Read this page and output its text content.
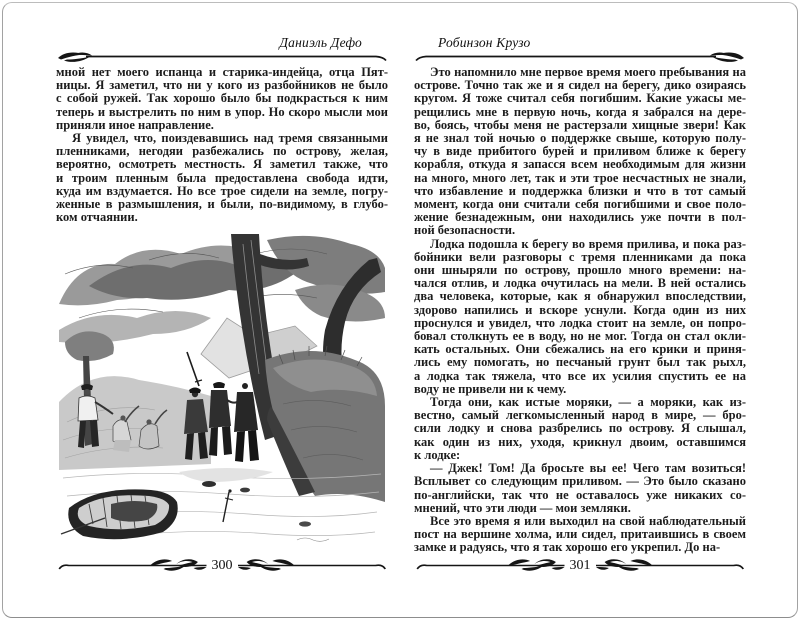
Даниэль Дефо
мной нет моего испанца и старика-индейца, отца Пят-
ницы. Я заметил, что ни у кого из разбойников не было
с собой ружей. Так хорошо было бы подкрасться к ним
теперь и выстрелить по ним в упор. Но скоро мысли мои
приняли иное направление.
Я увидел, что, поиздевавшись над тремя связанными
пленниками, негодяи разбежались по острову, желая,
вероятно, осмотреть местность. Я заметил также, что
и троим пленным была предоставлена свобода идти,
куда им вздумается. Но все трое сидели на земле, погру-
женные в размышления, и были, по-видимому, в глубо-
ком отчаянии.
300
Робинзон Крузо
Это напомнило мне первое время моего пребывания на
острове. Точно так же и я сидел на берегу, дико озираясь
кругом. Я тоже считал себя погибшим. Какие ужасы ме-
рещились мне в первую ночь, когда я забрался на дере-
во, боясь, чтобы меня не растерзали хищные звери! Как
я не знал той ночью о поддержке свыше, которую полу-
чу в виде прибитого бурей и приливом ближе к берегу
корабля, откуда я запасся всем необходимым для жизни
на много, много лет, так и эти трое несчастных не знали,
что избавление и поддержка близки и что в тот самый
момент, когда они считали себя погибшими и свое поло-
жение безнадежным, они находились уже почти в пол-
ной безопасности.
Лодка подошла к берегу во время прилива, и пока раз-
бойники вели разговоры с тремя пленниками да пока
они шныряли по острову, прошло много времени: на-
чался отлив, и лодка очутилась на мели. В ней остались
два человека, которые, как я обнаружил впоследствии,
здорово напились и вскоре уснули. Когда один из них
проснулся и увидел, что лодка стоит на земле, он попро-
бовал столкнуть ее в воду, но не мог. Тогда он стал окли-
кать остальных. Они сбежались на его крики и приня-
лись ему помогать, но песчаный грунт был так рыхл,
а лодка так тяжела, что все их усилия спустить ее на
воду не привели ни к чему.
Тогда они, как истые моряки, — а моряки, как из-
вестно, самый легкомысленный народ в мире, — бро-
сили лодку и снова разбрелись по острову. Я слышал,
как один из них, уходя, крикнул двоим, оставшимся
к лодке:
— Джек! Том! Да бросьте вы ее! Чего там возиться!
Всплывет со следующим приливом. — Это было сказано
по-английски, так что не оставалось уже никаких со-
мнений, что эти люди — мои земляки.
Все это время я или выходил на свой наблюдательный
пост на вершине холма, или сидел, притаившись в своем
замке и радуясь, что я так хорошо его укрепил. До на-
301
